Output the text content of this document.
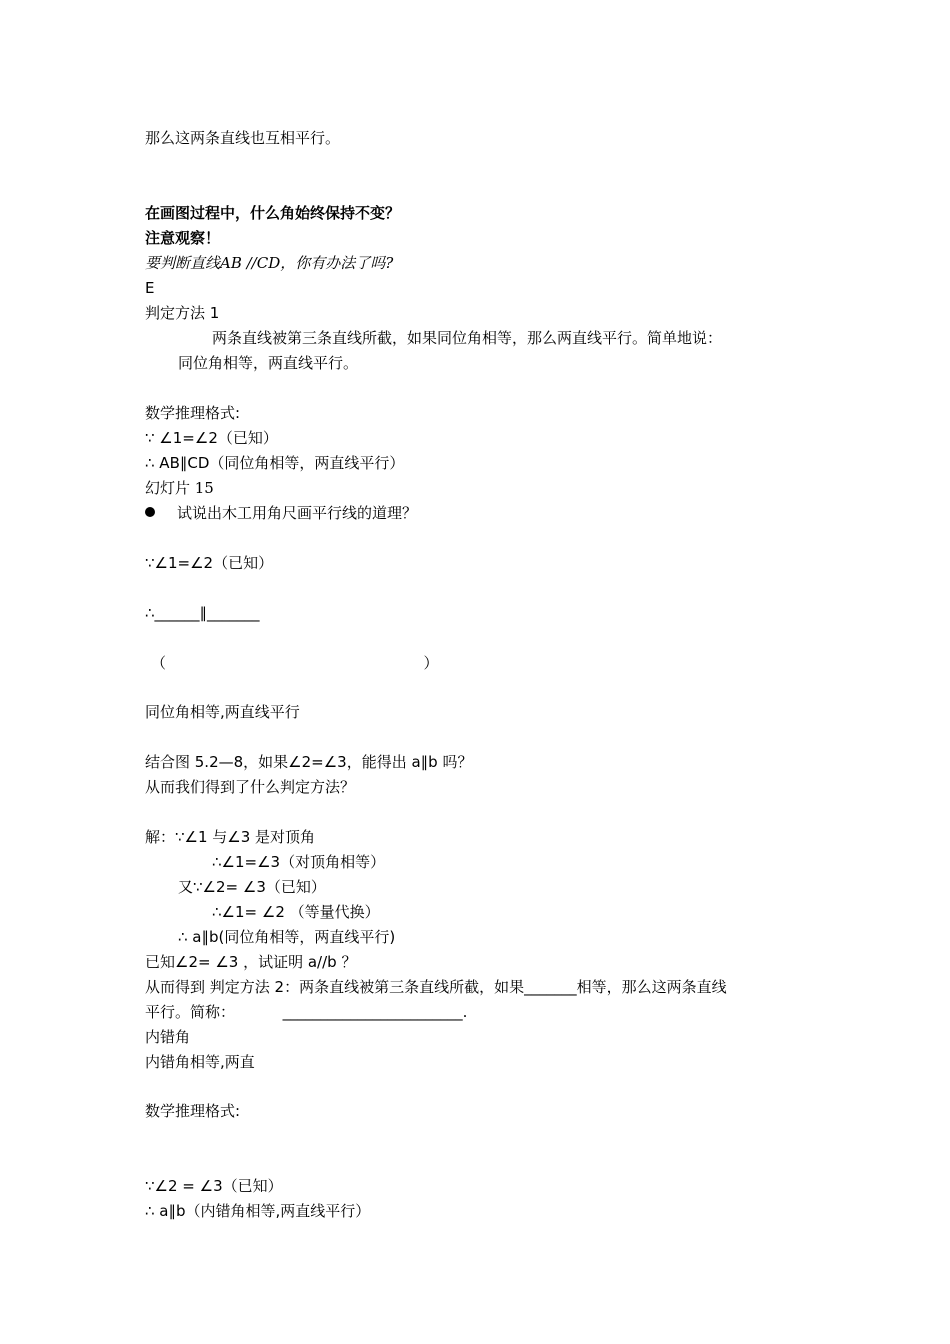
那么这两条直线也互相平行。
在画图过程中，什么角始终保持不变？
注意观察！
要判断直线AB //CD，你有办法了吗?
E
判定方法 1
两条直线被第三条直线所截，如果同位角相等，那么两直线平行。简单地说：
同位角相等，两直线平行。
数学推理格式:
∵ ∠1=∠2（已知）
∴ AB∥CD（同位角相等，两直线平行）
幻灯片 15
试说出木工用角尺画平行线的道理？
∵∠1=∠2（已知）
∴______∥_______
（                                                      ）
同位角相等,两直线平行
结合图 5.2—8，如果∠2=∠3，能得出 a∥b 吗？
从而我们得到了什么判定方法？
解：∵∠1 与∠3 是对顶角
∴∠1=∠3（对顶角相等）
又∵∠2= ∠3（已知）
∴∠1= ∠2 （等量代换）
∴ a∥b(同位角相等，两直线平行)
已知∠2= ∠3 ，试证明 a//b ？
从而得到 判定方法 2：两条直线被第三条直线所截，如果_______相等，那么这两条直线
平行。简称：          ________________________.
内错角
内错角相等,两直
数学推理格式:
∵∠2 = ∠3（已知）
∴ a∥b（内错角相等,两直线平行）
